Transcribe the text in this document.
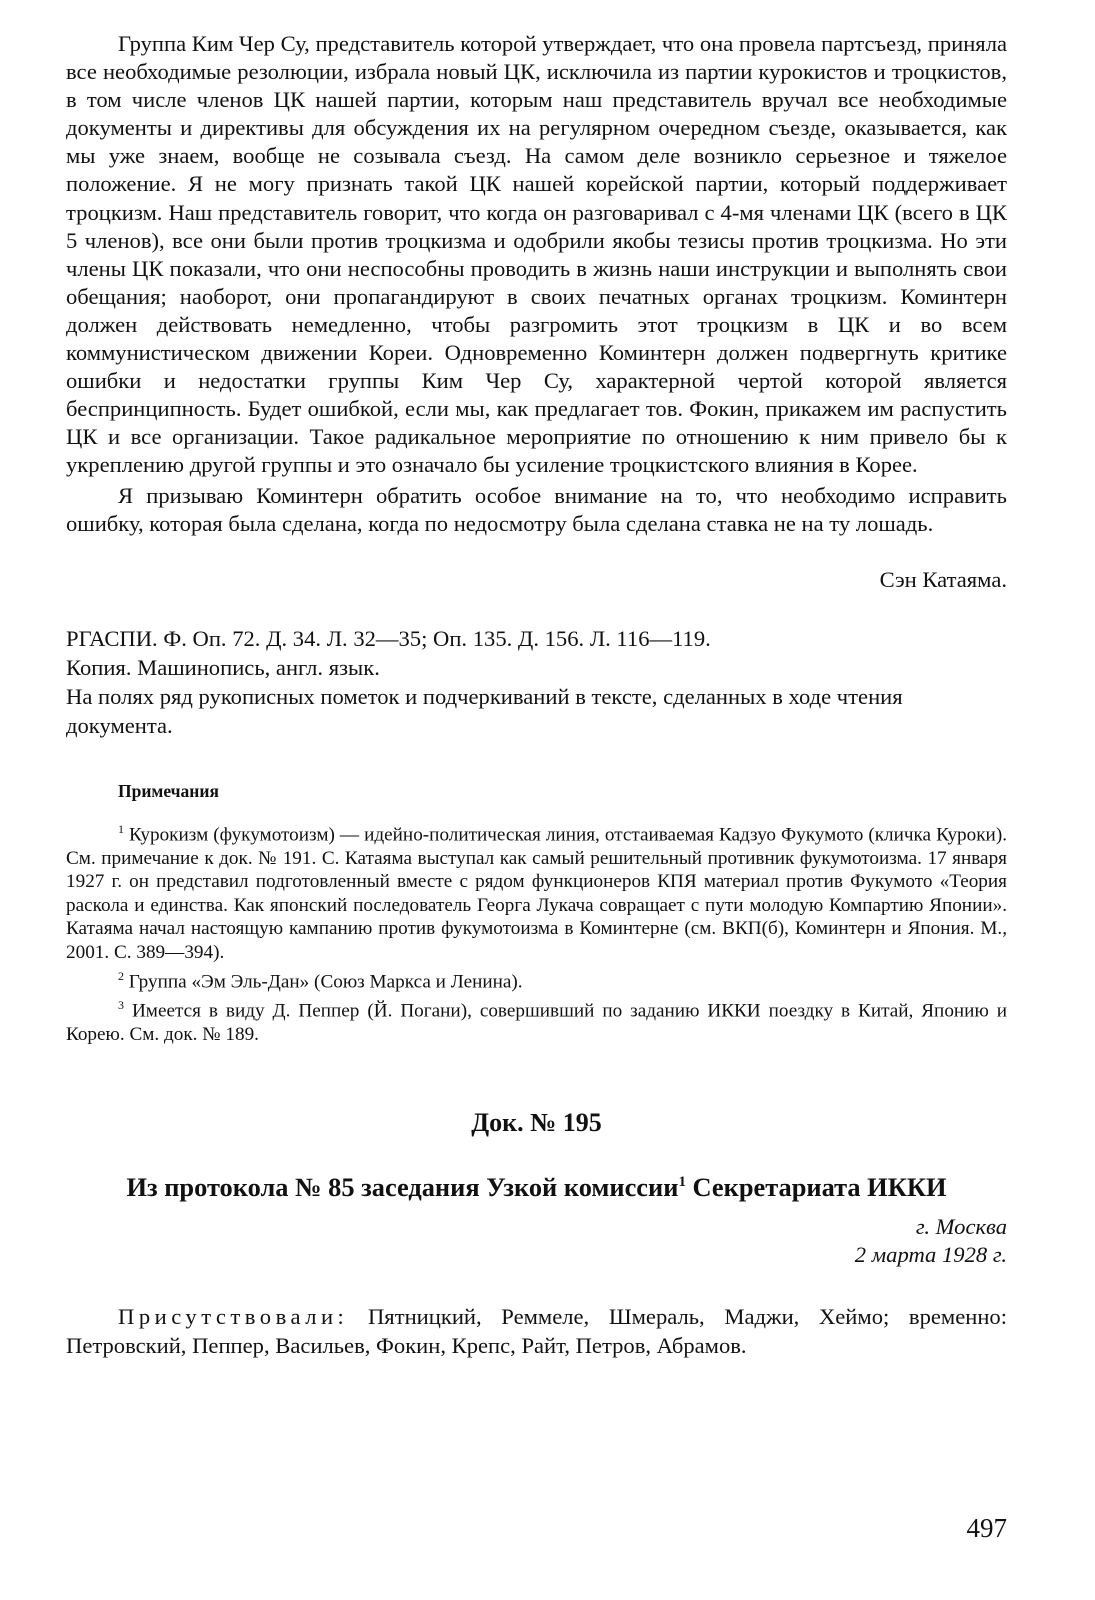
Группа Ким Чер Су, представитель которой утверждает, что она провела партсъезд, приняла все необходимые резолюции, избрала новый ЦК, исключила из партии курокистов и троцкистов, в том числе членов ЦК нашей партии, которым наш представитель вручал все необходимые документы и директивы для обсуждения их на регулярном очередном съезде, оказывается, как мы уже знаем, вообще не созывала съезд. На самом деле возникло серьезное и тяжелое положение. Я не могу признать такой ЦК нашей корейской партии, который поддерживает троцкизм. Наш представитель говорит, что когда он разговаривал с 4-мя членами ЦК (всего в ЦК 5 членов), все они были против троцкизма и одобрили якобы тезисы против троцкизма. Но эти члены ЦК показали, что они неспособны проводить в жизнь наши инструкции и выполнять свои обещания; наоборот, они пропагандируют в своих печатных органах троцкизм. Коминтерн должен действовать немедленно, чтобы разгромить этот троцкизм в ЦК и во всем коммунистическом движении Кореи. Одновременно Коминтерн должен подвергнуть критике ошибки и недостатки группы Ким Чер Су, характерной чертой которой является беспринципность. Будет ошибкой, если мы, как предлагает тов. Фокин, прикажем им распустить ЦК и все организации. Такое радикальное мероприятие по отношению к ним привело бы к укреплению другой группы и это означало бы усиление троцкистского влияния в Корее.

Я призываю Коминтерн обратить особое внимание на то, что необходимо исправить ошибку, которая была сделана, когда по недосмотру была сделана ставка не на ту лошадь.

Сэн Катаяма.
РГАСПИ. Ф. Оп. 72. Д. 34. Л. 32—35; Оп. 135. Д. 156. Л. 116—119.
Копия. Машинопись, англ. язык.
На полях ряд рукописных пометок и подчеркиваний в тексте, сделанных в ходе чтения документа.
Примечания

$^1$ Курокизм (фукумотоизм) — идейно-политическая линия, отстаиваемая Кадзуо Фукумото (кличка Куроки). См. примечание к док. № 191. С. Катаяма выступал как самый решительный противник фукумотоизма. 17 января 1927 г. он представил подготовленный вместе с рядом функционеров КПЯ материал против Фукумото «Теория раскола и единства. Как японский последователь Георга Лукача совращает с пути молодую Компартию Японии». Катаяма начал настоящую кампанию против фукумотоизма в Коминтерне (см. ВКП(б), Коминтерн и Япония. М., 2001. С. 389—394).

$^2$ Группа «Эм Эль-Дан» (Союз Маркса и Ленина).

$^3$ Имеется в виду Д. Пеппер (Й. Погани), совершивший по заданию ИККИ поездку в Китай, Японию и Корею. См. док. № 189.

Док. № 195
Из протокола № 85 заседания Узкой комиссии$^1$ Секретариата ИККИ
г. Москва
2 марта 1928 г.
Присутствовали: Пятницкий, Реммеле, Шмераль, Маджи, Хеймо; временно: Петровский, Пеппер, Васильев, Фокин, Крепс, Райт, Петров, Абрамов.
497
